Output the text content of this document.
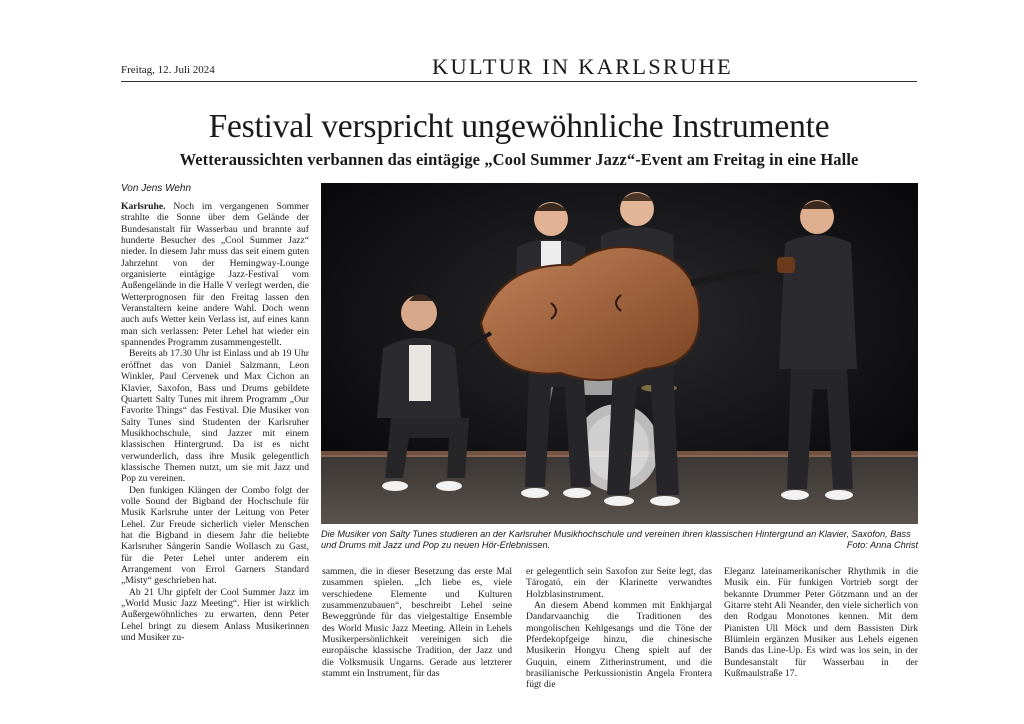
Freitag, 12. Juli 2024	KULTUR IN KARLSRUHE
Festival verspricht ungewöhnliche Instrumente
Wetteraussichten verbannen das eintägige „Cool Summer Jazz“-Event am Freitag in eine Halle
Von Jens Wehn

Karlsruhe. Noch im vergangenen Sommer strahlte die Sonne über dem Gelände der Bundesanstalt für Wasserbau und brannte auf hunderte Besucher des „Cool Summer Jazz“ nieder. In diesem Jahr muss das seit einem guten Jahrzehnt von der Hemingway-Lounge organisierte eintägige Jazz-Festival vom Außengelände in die Halle V verlegt werden, die Wetterprognosen für den Freitag lassen den Veranstaltern keine andere Wahl. Doch wenn auch aufs Wetter kein Verlass ist, auf eines kann man sich verlassen: Peter Lehel hat wieder ein spannendes Programm zusammengestellt.

Bereits ab 17.30 Uhr ist Einlass und ab 19 Uhr eröffnet das von Daniel Salzmann, Leon Winkler, Paul Cervenek und Max Cichon an Klavier, Saxofon, Bass und Drums gebildete Quartett Salty Tunes mit ihrem Programm „Our Favorite Things“ das Festival. Die Musiker von Salty Tunes sind Studenten der Karlsruher Musikhochschule, sind Jazzer mit einem klassischen Hintergrund. Da ist es nicht verwunderlich, dass ihre Musik gelegentlich klassische Themen nutzt, um sie mit Jazz und Pop zu vereinen.

Den funkigen Klängen der Combo folgt der volle Sound der Bigband der Hochschule für Musik Karlsruhe unter der Leitung von Peter Lehel. Zur Freude sicherlich vieler Menschen hat die Bigband in diesem Jahr die beliebte Karlsruher Sängerin Sandie Wollasch zu Gast, für die Peter Lehel unter anderem ein Arrangement von Errol Garners Standard „Misty“ geschrieben hat.

Ab 21 Uhr gipfelt der Cool Summer Jazz im „World Music Jazz Meeting“. Hier ist wirklich Außergewöhnliches zu erwarten, denn Peter Lehel bringt zu diesem Anlass Musikerinnen und Musiker zu-

Die Musiker von Salty Tunes studieren an der Karlsruher Musikhochschule und vereinen ihren klassischen Hintergrund an Klavier, Saxofon, Bass und Drums mit Jazz und Pop zu neuen Hör-Erlebnissen.	Foto: Anna Christ

sammen, die in dieser Besetzung das erste Mal zusammen spielen. „Ich liebe es, viele verschiedene Elemente und Kulturen zusammenzubauen“, beschreibt Lehel seine Beweggründe für das vielgestaltige Ensemble des World Music Jazz Meeting. Allein in Lehels Musikerpersönlichkeit vereinigen sich die europäische klassische Tradition, der Jazz und die Volksmusik Ungarns. Gerade aus letzterer stammt ein Instrument, für das

er gelegentlich sein Saxofon zur Seite legt, das Tárogató, ein der Klarinette verwandtes Holzblasinstrument.

An diesem Abend kommen mit Enkhjargal Dandarvaanchig die Traditionen des mongolischen Kehlgesangs und die Töne der Pferdekopfgeige hinzu, die chinesische Musikerin Hongyu Cheng spielt auf der Guquin, einem Zitherinstrument, und die brasilianische Perkussionistin Angela Frontera fügt die

Eleganz lateinamerikanischer Rhythmik in die Musik ein. Für funkigen Vortrieb sorgt der bekannte Drummer Peter Götzmann und an der Gitarre steht Ali Neander, den viele sicherlich von den Rodgau Monotones kennen. Mit dem Pianisten Ull Möck und dem Bassisten Dirk Blümlein ergänzen Musiker aus Lehels eigenen Bands das Line-Up. Es wird was los sein, in der Bundesanstalt für Wasserbau in der Kußmaulstraße 17.
